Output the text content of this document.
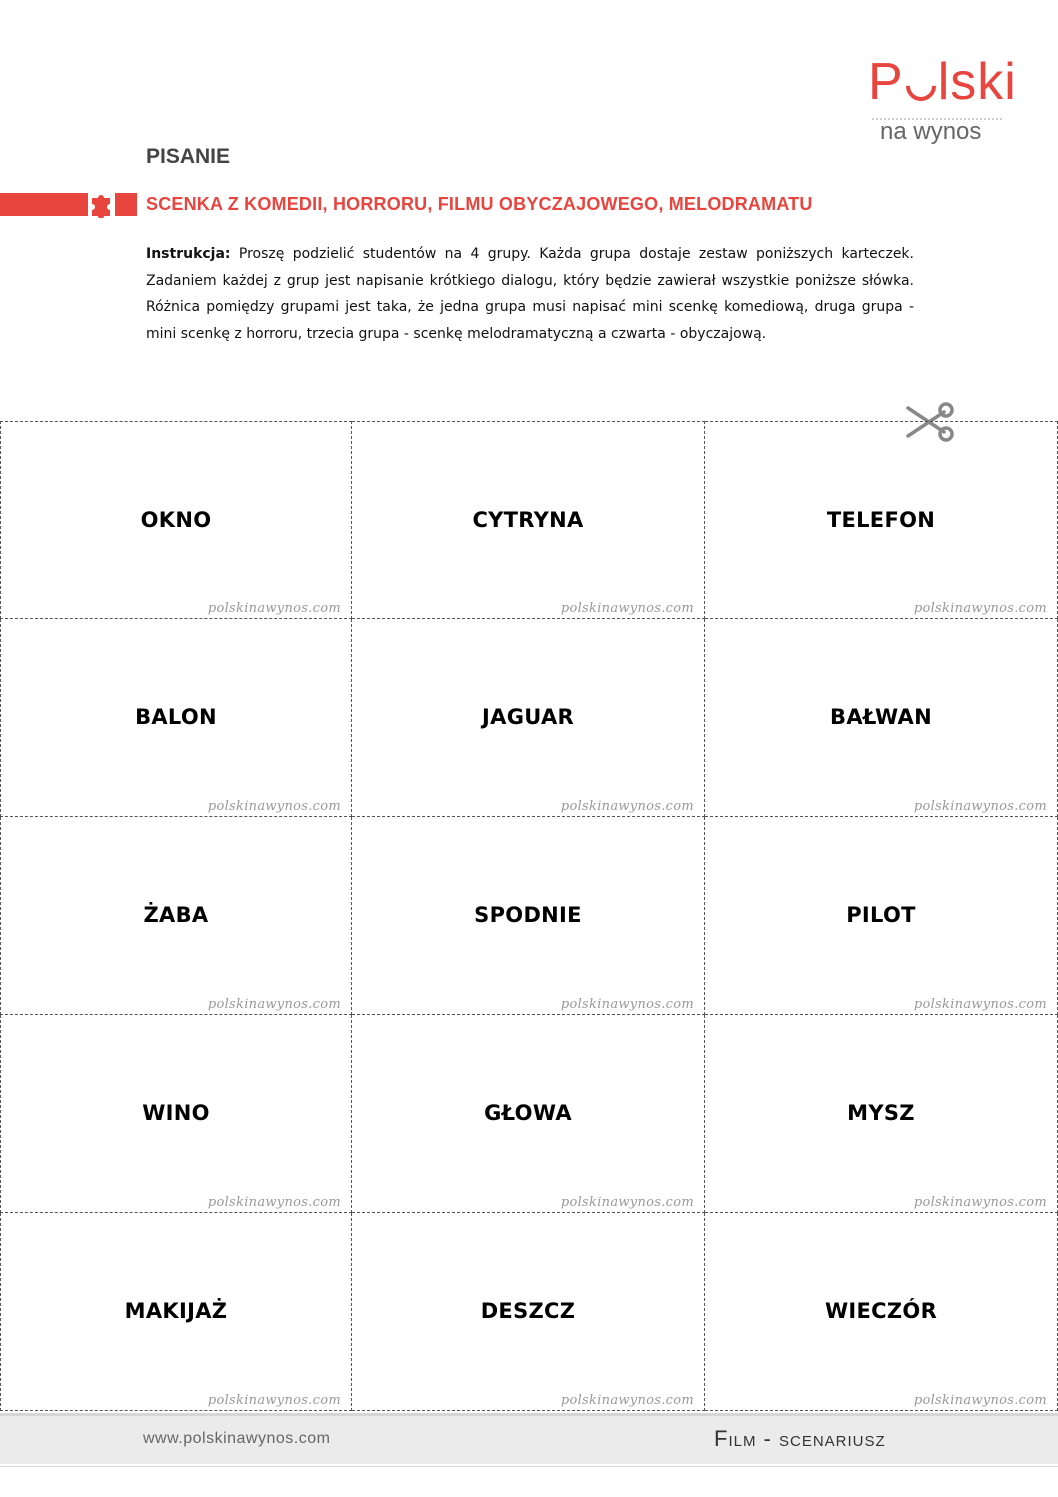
P lski
na wynos
PISANIE
SCENKA Z KOMEDII, HORRORU, FILMU OBYCZAJOWEGO, MELODRAMATU
Instrukcja: Proszę podzielić studentów na 4 grupy. Każda grupa dostaje zestaw poniższych karteczek. Zadaniem każdej z grup jest napisanie krótkiego dialogu, który będzie zawierał wszystkie poniższe słówka. Różnica pomiędzy grupami jest taka, że jedna grupa musi napisać mini scenkę komediową, druga grupa - mini scenkę z horroru, trzecia grupa - scenkę melodramatyczną a czwarta - obyczajową.
OKNO
polskinawynos.com
CYTRYNA
polskinawynos.com
TELEFON
polskinawynos.com
BALON
polskinawynos.com
JAGUAR
polskinawynos.com
BAŁWAN
polskinawynos.com
ŻABA
polskinawynos.com
SPODNIE
polskinawynos.com
PILOT
polskinawynos.com
WINO
polskinawynos.com
GŁOWA
polskinawynos.com
MYSZ
polskinawynos.com
MAKIJAŻ
polskinawynos.com
DESZCZ
polskinawynos.com
WIECZÓR
polskinawynos.com
www.polskinawynos.com	Film - scenariusz
